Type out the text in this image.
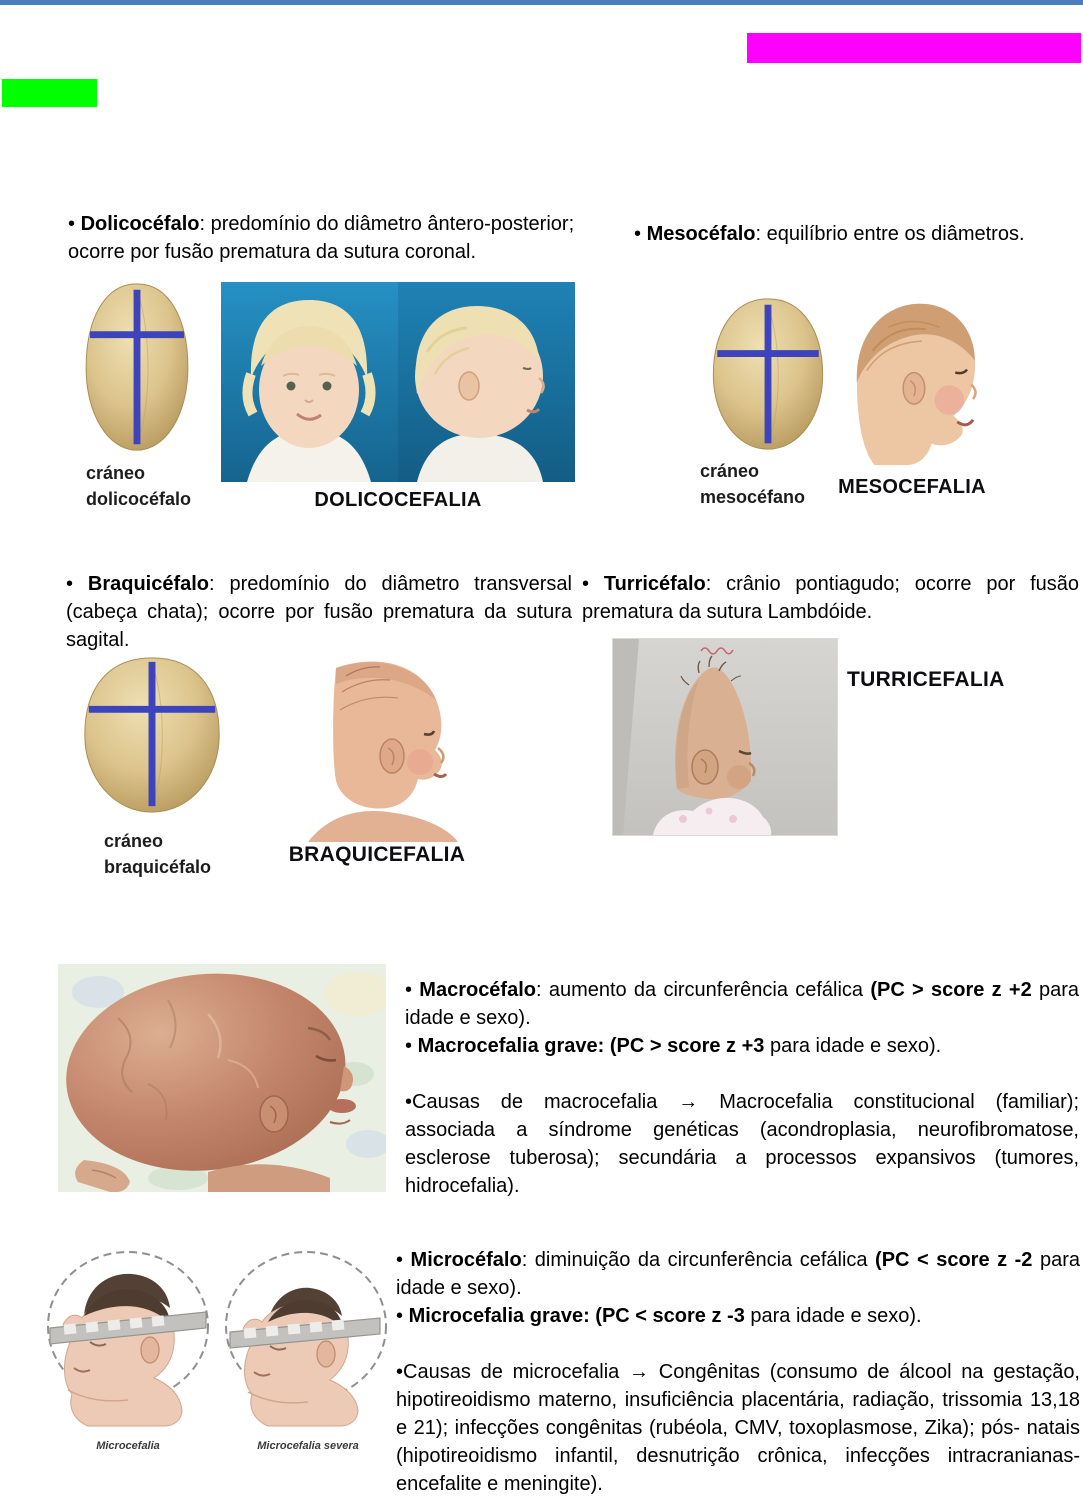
• Dolicocéfalo: predomínio do diâmetro ântero-posterior; ocorre por fusão prematura da sutura coronal.
• Mesocéfalo: equilíbrio entre os diâmetros.
cráneo
dolicocéfalo	DOLICOCEFALIA
cráneo
mesocéfano	MESOCEFALIA
• Braquicéfalo: predomínio do diâmetro transversal (cabeça chata); ocorre por fusão prematura da sutura sagital.
• Turricéfalo: crânio pontiagudo; ocorre por fusão prematura da sutura Lambdóide.
cráneo
braquicéfalo
BRAQUICEFALIA
TURRICEFALIA

• Macrocéfalo: aumento da circunferência cefálica (PC > score z +2 para idade e sexo).

• Macrocefalia grave: (PC > score z +3 para idade e sexo).

•Causas de macrocefalia → Macrocefalia constitucional (familiar); associada a síndrome genéticas (acondroplasia, neurofibromatose, esclerose tuberosa); secundária a processos expansivos (tumores, hidrocefalia).

Microcefalia	Microcefalia severa

• Microcéfalo: diminuição da circunferência cefálica (PC < score z -2 para idade e sexo).

• Microcefalia grave: (PC < score z -3 para idade e sexo).

•Causas de microcefalia → Congênitas (consumo de álcool na gestação, hipotireoidismo materno, insuficiência placentária, radiação, trissomia 13,18 e 21); infecções congênitas (rubéola, CMV, toxoplasmose, Zika); pós- natais (hipotireoidismo infantil, desnutrição crônica, infecções intracranianas- encefalite e meningite).
